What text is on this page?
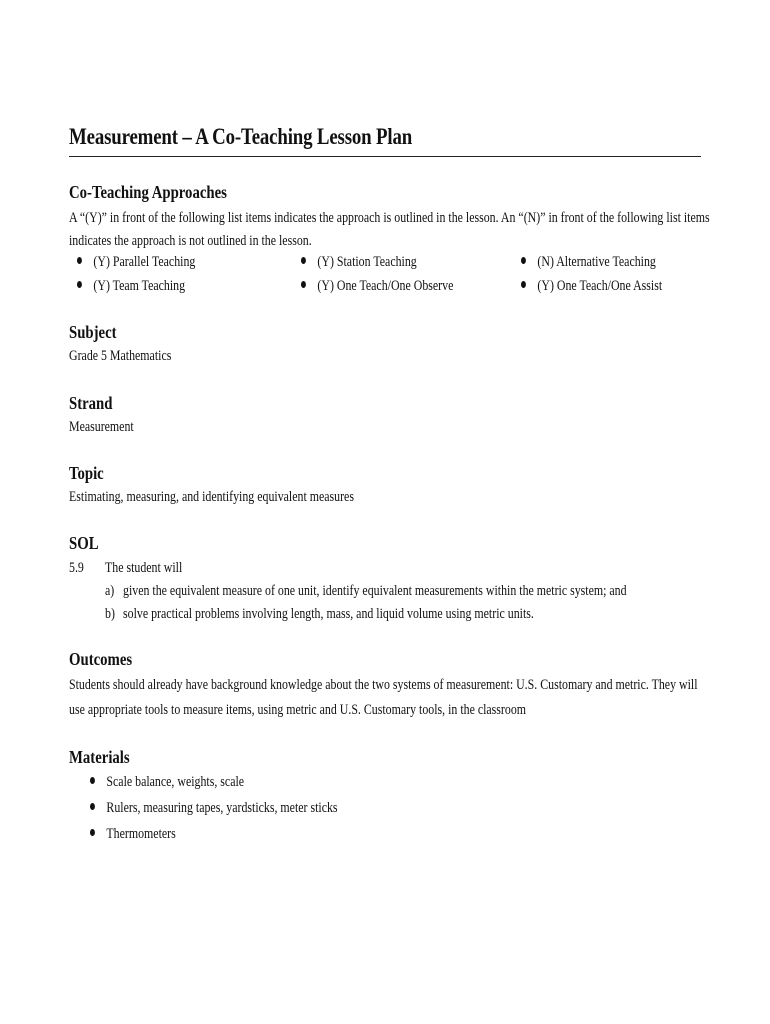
Measurement – A Co-Teaching Lesson Plan
Co-Teaching Approaches

A “(Y)” in front of the following list items indicates the approach is outlined in the lesson. An “(N)” in front of the following list items
indicates the approach is not outlined in the lesson.

(Y) Parallel Teaching	(Y) Station Teaching	(N) Alternative Teaching
(Y) Team Teaching	(Y) One Teach/One Observe	(Y) One Teach/One Assist
Subject

Grade 5 Mathematics

Strand

Measurement

Topic

Estimating, measuring, and identifying equivalent measures

SOL
5.9 The student will
a) given the equivalent measure of one unit, identify equivalent measurements within the metric system; and
b) solve practical problems involving length, mass, and liquid volume using metric units.
Outcomes

Students should already have background knowledge about the two systems of measurement: U.S. Customary and metric. They will
use appropriate tools to measure items, using metric and U.S. Customary tools, in the classroom

Materials
Scale balance, weights, scale
Rulers, measuring tapes, yardsticks, meter sticks
Thermometers
